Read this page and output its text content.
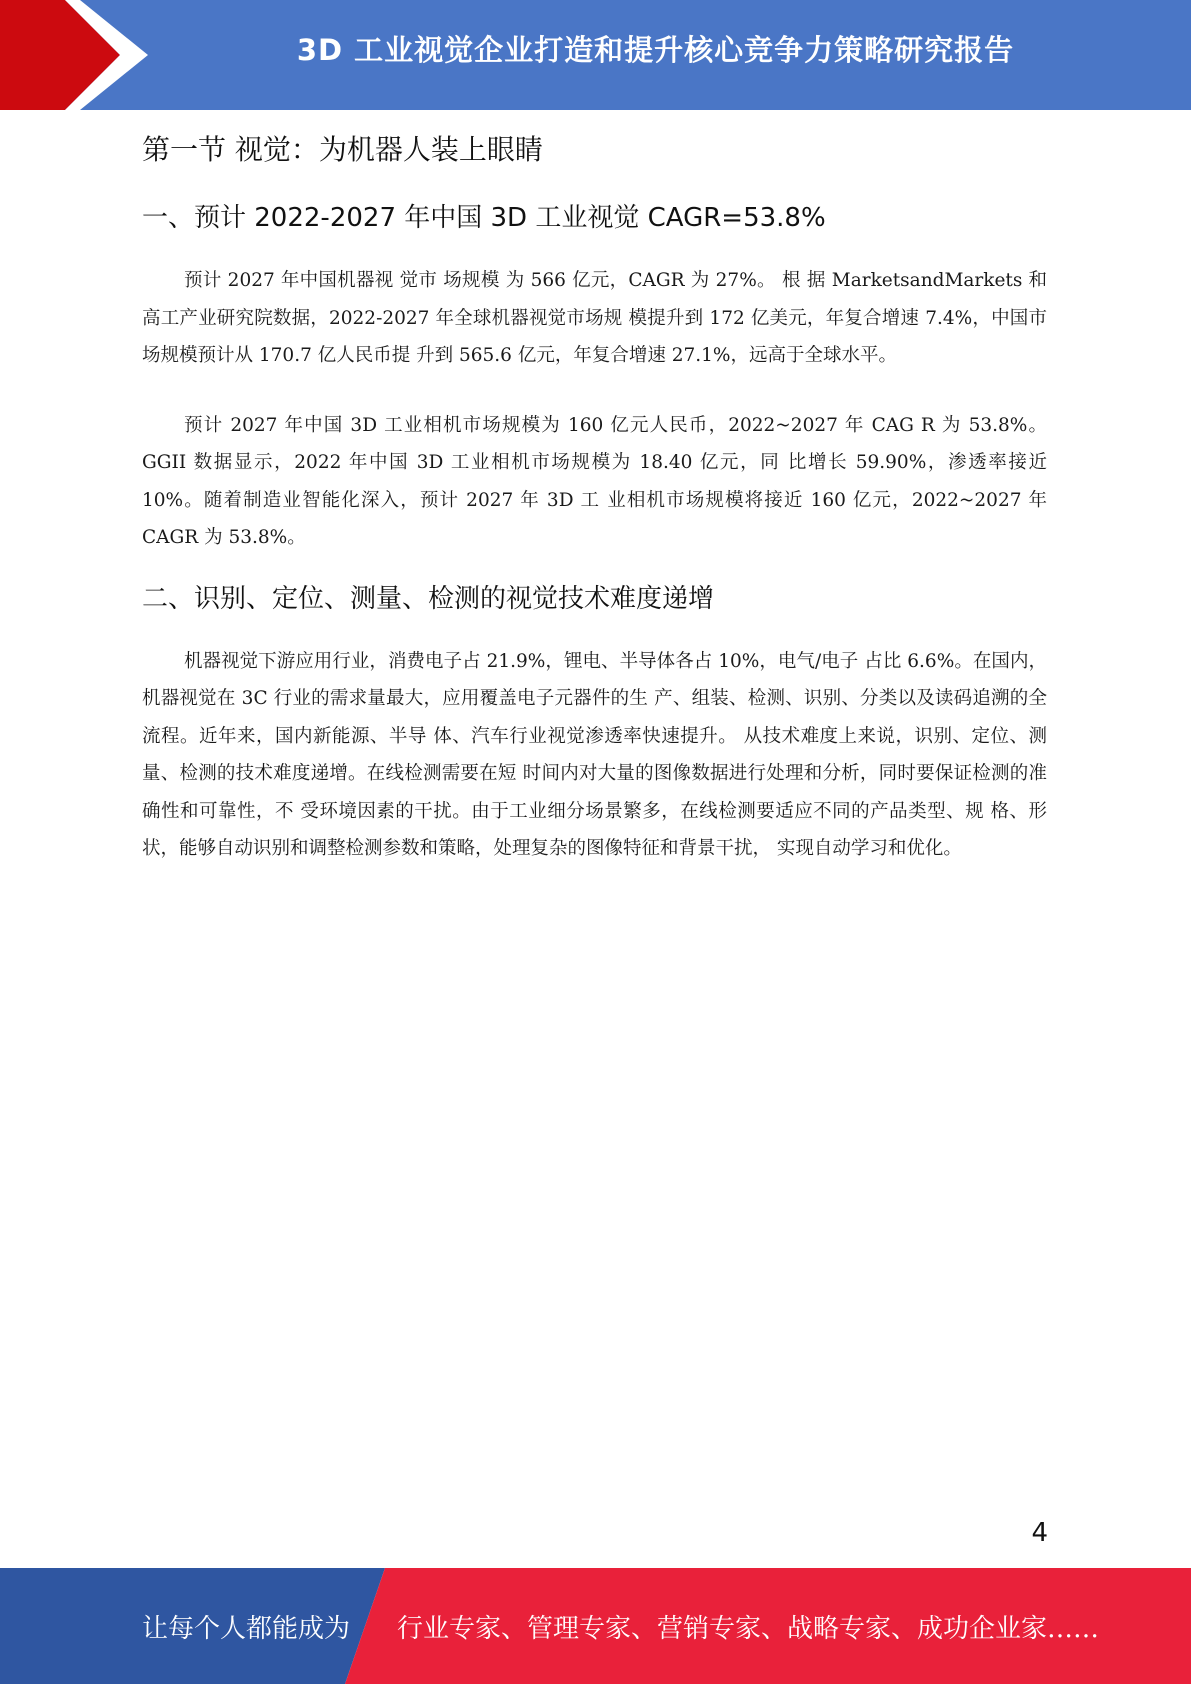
3D 工业视觉企业打造和提升核心竞争力策略研究报告
第一节 视觉：为机器人装上眼睛
一、预计 2022-2027 年中国 3D 工业视觉 CAGR=53.8%

预计 2027 年中国机器视 觉市 场规模 为 566 亿元，CAGR 为 27%。 根 据 MarketsandMarkets 和高工产业研究院数据，2022-2027 年全球机器视觉市场规 模提升到 172 亿美元，年复合增速 7.4%，中国市场规模预计从 170.7 亿人民币提 升到 565.6 亿元，年复合增速 27.1%，远高于全球水平。

预计 2027 年中国 3D 工业相机市场规模为 160 亿元人民币，2022~2027 年 CAG R 为 53.8%。GGII 数据显示，2022 年中国 3D 工业相机市场规模为 18.40 亿元，同 比增长 59.90%，渗透率接近 10%。随着制造业智能化深入，预计 2027 年 3D 工 业相机市场规模将接近 160 亿元，2022~2027 年 CAGR 为 53.8%。

二、识别、定位、测量、检测的视觉技术难度递增

机器视觉下游应用行业，消费电子占 21.9%，锂电、半导体各占 10%，电气/电子 占比 6.6%。在国内，机器视觉在 3C 行业的需求量最大，应用覆盖电子元器件的生 产、组装、检测、识别、分类以及读码追溯的全流程。近年来，国内新能源、半导 体、汽车行业视觉渗透率快速提升。 从技术难度上来说，识别、定位、测量、检测的技术难度递增。在线检测需要在短 时间内对大量的图像数据进行处理和分析，同时要保证检测的准确性和可靠性，不 受环境因素的干扰。由于工业细分场景繁多，在线检测要适应不同的产品类型、规 格、形状，能够自动识别和调整检测参数和策略，处理复杂的图像特征和背景干扰， 实现自动学习和优化。

4
让每个人都能成为 行业专家、管理专家、营销专家、战略专家、成功企业家……
